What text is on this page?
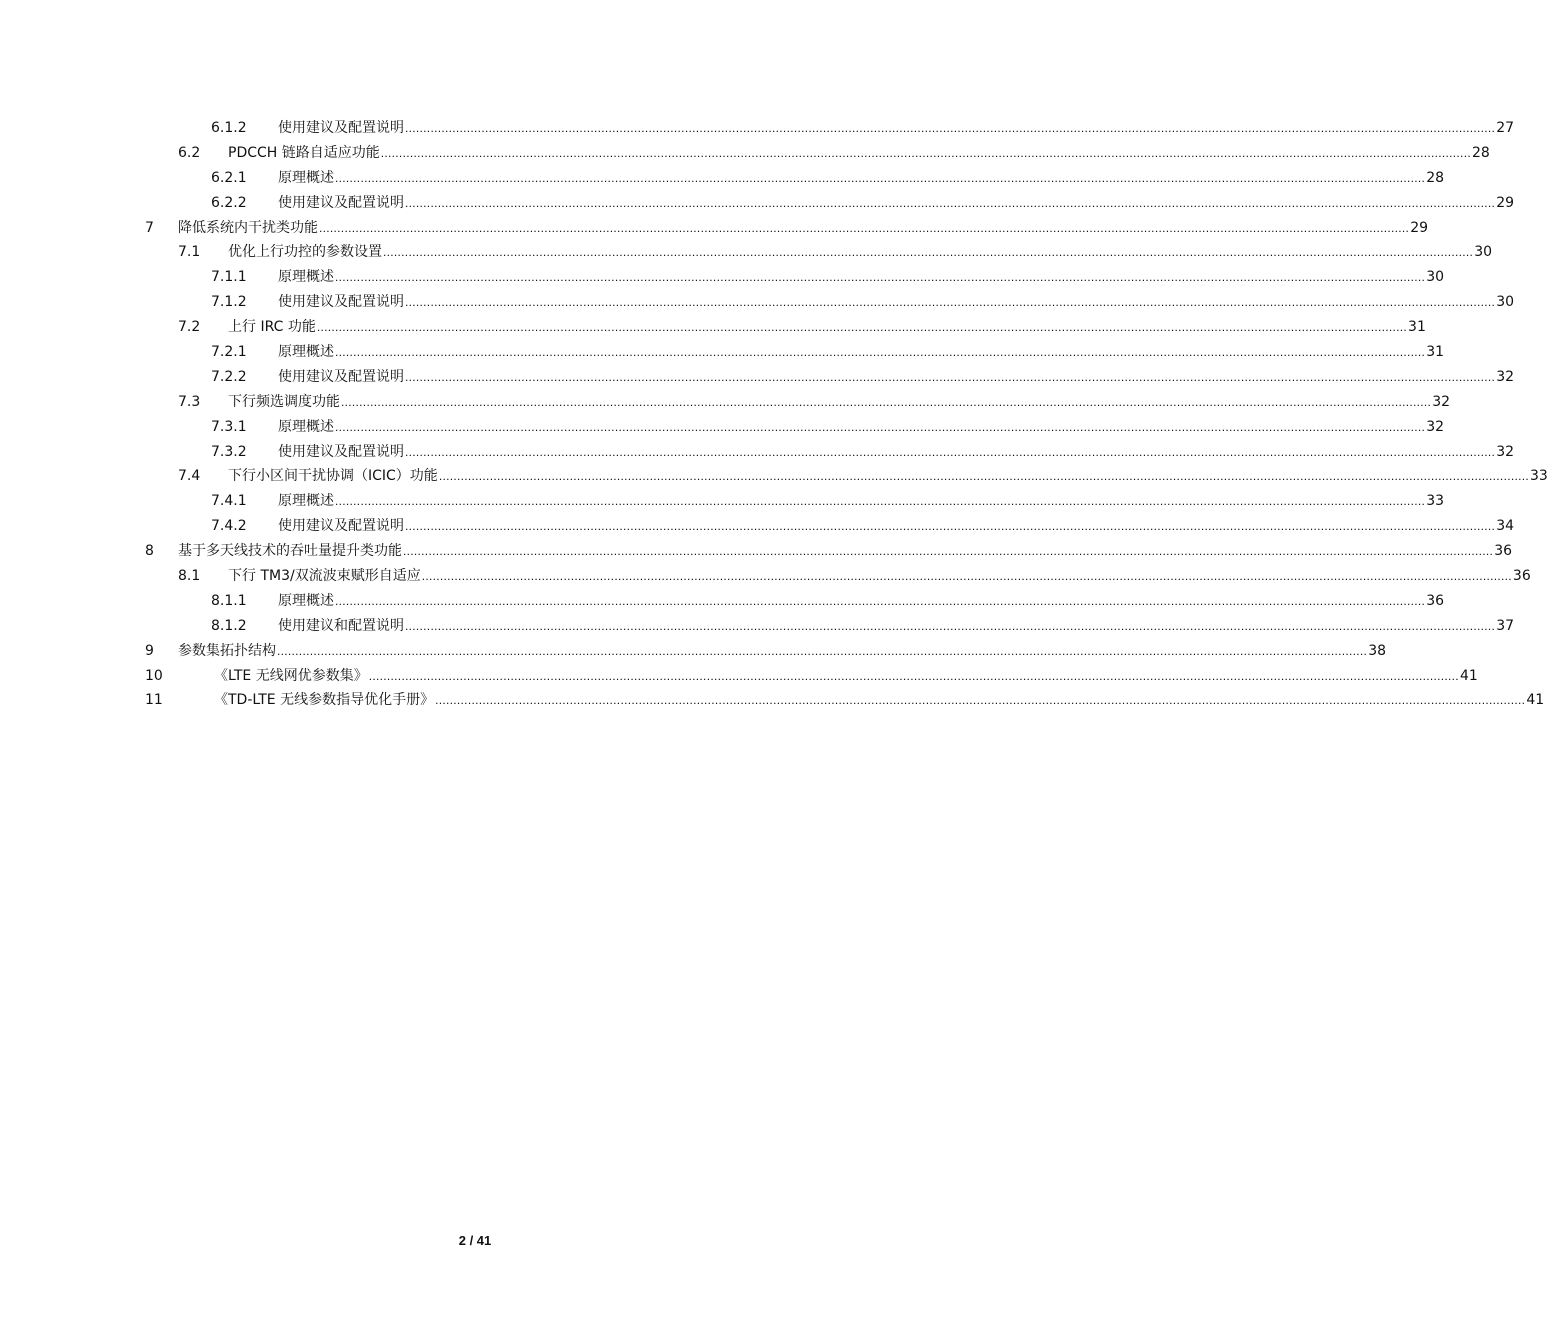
6.1.2 使用建议及配置说明 ............................................................................................................................................................................................................................................................................................................ 27
6.2 PDCCH 链路自适应功能 ............................................................................................................................................................................................................................................................................................................ 28
6.2.1 原理概述 ............................................................................................................................................................................................................................................................................................................ 28
6.2.2 使用建议及配置说明 ............................................................................................................................................................................................................................................................................................................ 29
7 降低系统内干扰类功能 ............................................................................................................................................................................................................................................................................................................ 29
7.1 优化上行功控的参数设置 ............................................................................................................................................................................................................................................................................................................ 30
7.1.1 原理概述 ............................................................................................................................................................................................................................................................................................................ 30
7.1.2 使用建议及配置说明 ............................................................................................................................................................................................................................................................................................................ 30
7.2 上行 IRC 功能 ............................................................................................................................................................................................................................................................................................................ 31
7.2.1 原理概述 ............................................................................................................................................................................................................................................................................................................ 31
7.2.2 使用建议及配置说明 ............................................................................................................................................................................................................................................................................................................ 32
7.3 下行频选调度功能 ............................................................................................................................................................................................................................................................................................................ 32
7.3.1 原理概述 ............................................................................................................................................................................................................................................................................................................ 32
7.3.2 使用建议及配置说明 ............................................................................................................................................................................................................................................................................................................ 32
7.4 下行小区间干扰协调（ICIC）功能 ............................................................................................................................................................................................................................................................................................................ 33
7.4.1 原理概述 ............................................................................................................................................................................................................................................................................................................ 33
7.4.2 使用建议及配置说明 ............................................................................................................................................................................................................................................................................................................ 34
8 基于多天线技术的吞吐量提升类功能 ............................................................................................................................................................................................................................................................................................................ 36
8.1 下行 TM3/双流波束赋形自适应 ............................................................................................................................................................................................................................................................................................................ 36
8.1.1 原理概述 ............................................................................................................................................................................................................................................................................................................ 36
8.1.2 使用建议和配置说明 ............................................................................................................................................................................................................................................................................................................ 37
9 参数集拓扑结构 ............................................................................................................................................................................................................................................................................................................ 38
10	《LTE 无线网优参数集》 ............................................................................................................................................................................................................................................................................................................ 41
11	《TD-LTE 无线参数指导优化手册》 ............................................................................................................................................................................................................................................................................................................ 41
2 / 41
